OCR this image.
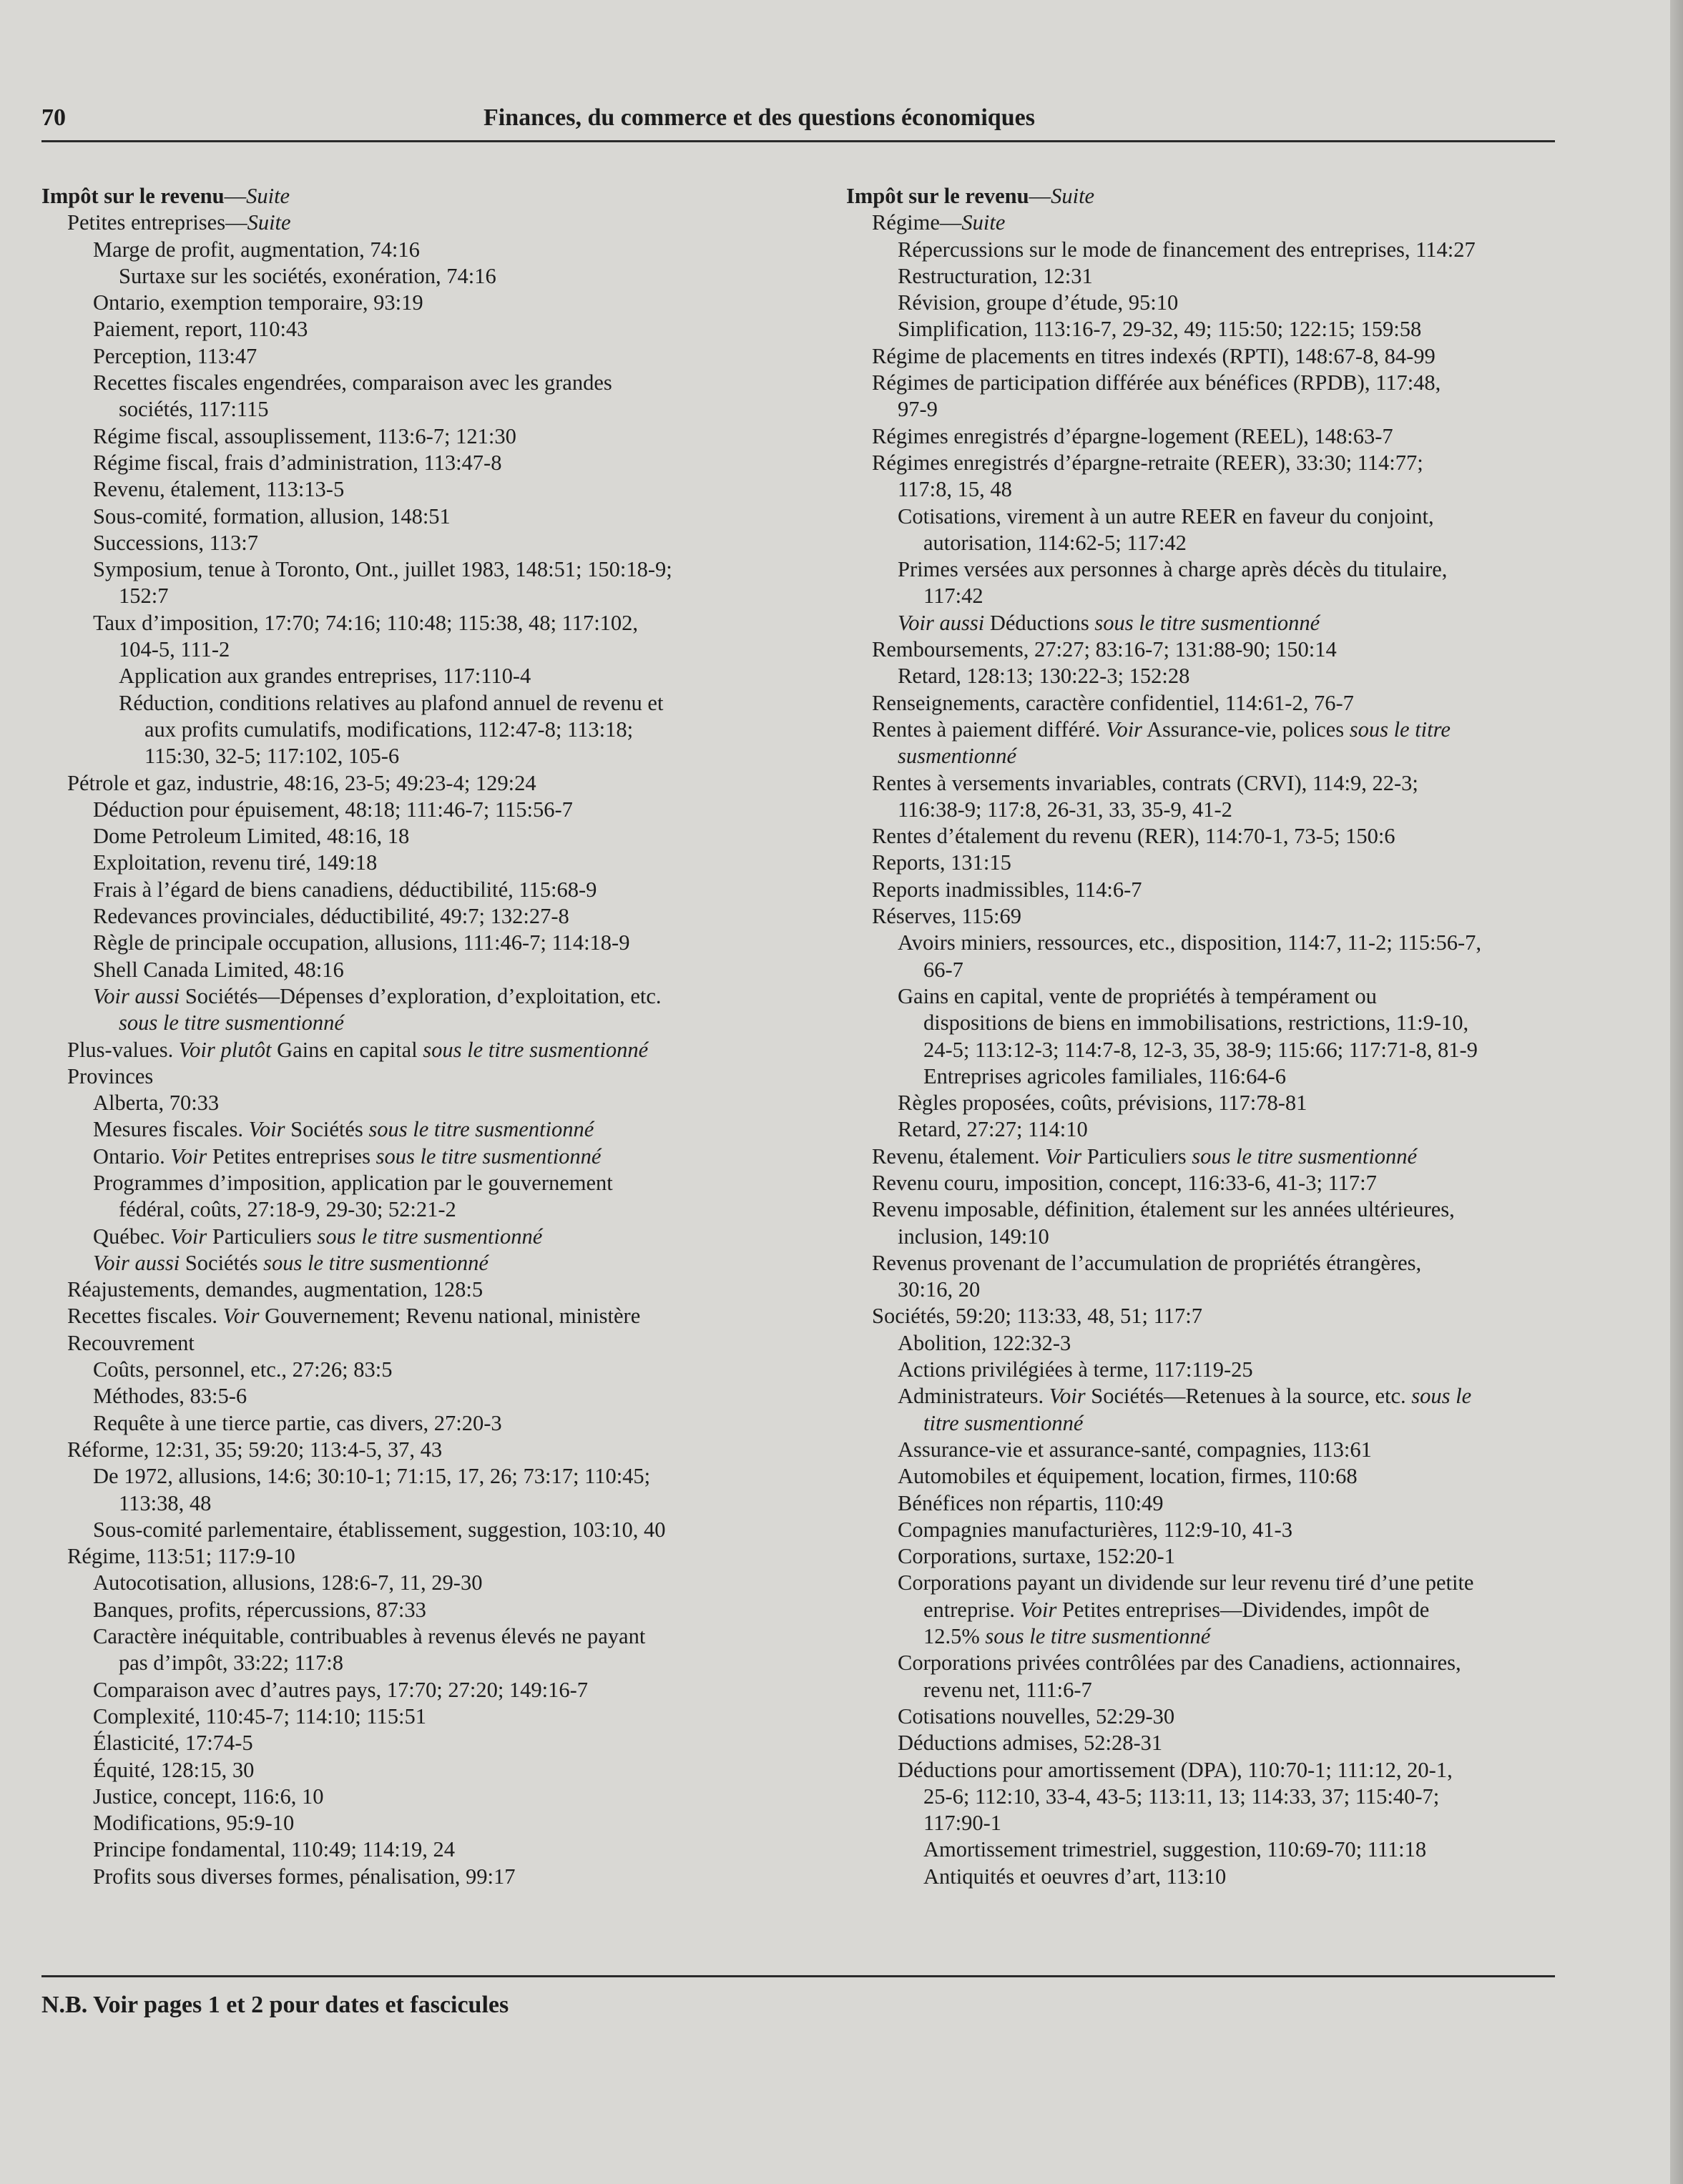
70	Finances, du commerce et des questions économiques
Impôt sur le revenu—Suite
Petites entreprises—Suite
Marge de profit, augmentation, 74:16
Surtaxe sur les sociétés, exonération, 74:16
Ontario, exemption temporaire, 93:19
Paiement, report, 110:43
Perception, 113:47
Recettes fiscales engendrées, comparaison avec les grandes
sociétés, 117:115
Régime fiscal, assouplissement, 113:6-7; 121:30
Régime fiscal, frais d’administration, 113:47-8
Revenu, étalement, 113:13-5
Sous-comité, formation, allusion, 148:51
Successions, 113:7
Symposium, tenue à Toronto, Ont., juillet 1983, 148:51; 150:18-9;
152:7
Taux d’imposition, 17:70; 74:16; 110:48; 115:38, 48; 117:102,
104-5, 111-2
Application aux grandes entreprises, 117:110-4
Réduction, conditions relatives au plafond annuel de revenu et
aux profits cumulatifs, modifications, 112:47-8; 113:18;
115:30, 32-5; 117:102, 105-6
Pétrole et gaz, industrie, 48:16, 23-5; 49:23-4; 129:24
Déduction pour épuisement, 48:18; 111:46-7; 115:56-7
Dome Petroleum Limited, 48:16, 18
Exploitation, revenu tiré, 149:18
Frais à l’égard de biens canadiens, déductibilité, 115:68-9
Redevances provinciales, déductibilité, 49:7; 132:27-8
Règle de principale occupation, allusions, 111:46-7; 114:18-9
Shell Canada Limited, 48:16
Voir aussi Sociétés—Dépenses d’exploration, d’exploitation, etc.
sous le titre susmentionné
Plus-values. Voir plutôt Gains en capital sous le titre susmentionné
Provinces
Alberta, 70:33
Mesures fiscales. Voir Sociétés sous le titre susmentionné
Ontario. Voir Petites entreprises sous le titre susmentionné
Programmes d’imposition, application par le gouvernement
fédéral, coûts, 27:18-9, 29-30; 52:21-2
Québec. Voir Particuliers sous le titre susmentionné
Voir aussi Sociétés sous le titre susmentionné
Réajustements, demandes, augmentation, 128:5
Recettes fiscales. Voir Gouvernement; Revenu national, ministère
Recouvrement
Coûts, personnel, etc., 27:26; 83:5
Méthodes, 83:5-6
Requête à une tierce partie, cas divers, 27:20-3
Réforme, 12:31, 35; 59:20; 113:4-5, 37, 43
De 1972, allusions, 14:6; 30:10-1; 71:15, 17, 26; 73:17; 110:45;
113:38, 48
Sous-comité parlementaire, établissement, suggestion, 103:10, 40
Régime, 113:51; 117:9-10
Autocotisation, allusions, 128:6-7, 11, 29-30
Banques, profits, répercussions, 87:33
Caractère inéquitable, contribuables à revenus élevés ne payant
pas d’impôt, 33:22; 117:8
Comparaison avec d’autres pays, 17:70; 27:20; 149:16-7
Complexité, 110:45-7; 114:10; 115:51
Élasticité, 17:74-5
Équité, 128:15, 30
Justice, concept, 116:6, 10
Modifications, 95:9-10
Principe fondamental, 110:49; 114:19, 24
Profits sous diverses formes, pénalisation, 99:17
Impôt sur le revenu—Suite
Régime—Suite
Répercussions sur le mode de financement des entreprises, 114:27
Restructuration, 12:31
Révision, groupe d’étude, 95:10
Simplification, 113:16-7, 29-32, 49; 115:50; 122:15; 159:58
Régime de placements en titres indexés (RPTI), 148:67-8, 84-99
Régimes de participation différée aux bénéfices (RPDB), 117:48,
97-9
Régimes enregistrés d’épargne-logement (REEL), 148:63-7
Régimes enregistrés d’épargne-retraite (REER), 33:30; 114:77;
117:8, 15, 48
Cotisations, virement à un autre REER en faveur du conjoint,
autorisation, 114:62-5; 117:42
Primes versées aux personnes à charge après décès du titulaire,
117:42
Voir aussi Déductions sous le titre susmentionné
Remboursements, 27:27; 83:16-7; 131:88-90; 150:14
Retard, 128:13; 130:22-3; 152:28
Renseignements, caractère confidentiel, 114:61-2, 76-7
Rentes à paiement différé. Voir Assurance-vie, polices sous le titre
susmentionné
Rentes à versements invariables, contrats (CRVI), 114:9, 22-3;
116:38-9; 117:8, 26-31, 33, 35-9, 41-2
Rentes d’étalement du revenu (RER), 114:70-1, 73-5; 150:6
Reports, 131:15
Reports inadmissibles, 114:6-7
Réserves, 115:69
Avoirs miniers, ressources, etc., disposition, 114:7, 11-2; 115:56-7,
66-7
Gains en capital, vente de propriétés à tempérament ou
dispositions de biens en immobilisations, restrictions, 11:9-10,
24-5; 113:12-3; 114:7-8, 12-3, 35, 38-9; 115:66; 117:71-8, 81-9
Entreprises agricoles familiales, 116:64-6
Règles proposées, coûts, prévisions, 117:78-81
Retard, 27:27; 114:10
Revenu, étalement. Voir Particuliers sous le titre susmentionné
Revenu couru, imposition, concept, 116:33-6, 41-3; 117:7
Revenu imposable, définition, étalement sur les années ultérieures,
inclusion, 149:10
Revenus provenant de l’accumulation de propriétés étrangères,
30:16, 20
Sociétés, 59:20; 113:33, 48, 51; 117:7
Abolition, 122:32-3
Actions privilégiées à terme, 117:119-25
Administrateurs. Voir Sociétés—Retenues à la source, etc. sous le
titre susmentionné
Assurance-vie et assurance-santé, compagnies, 113:61
Automobiles et équipement, location, firmes, 110:68
Bénéfices non répartis, 110:49
Compagnies manufacturières, 112:9-10, 41-3
Corporations, surtaxe, 152:20-1
Corporations payant un dividende sur leur revenu tiré d’une petite
entreprise. Voir Petites entreprises—Dividendes, impôt de
12.5% sous le titre susmentionné
Corporations privées contrôlées par des Canadiens, actionnaires,
revenu net, 111:6-7
Cotisations nouvelles, 52:29-30
Déductions admises, 52:28-31
Déductions pour amortissement (DPA), 110:70-1; 111:12, 20-1,
25-6; 112:10, 33-4, 43-5; 113:11, 13; 114:33, 37; 115:40-7;
117:90-1
Amortissement trimestriel, suggestion, 110:69-70; 111:18
Antiquités et oeuvres d’art, 113:10
N.B. Voir pages 1 et 2 pour dates et fascicules
